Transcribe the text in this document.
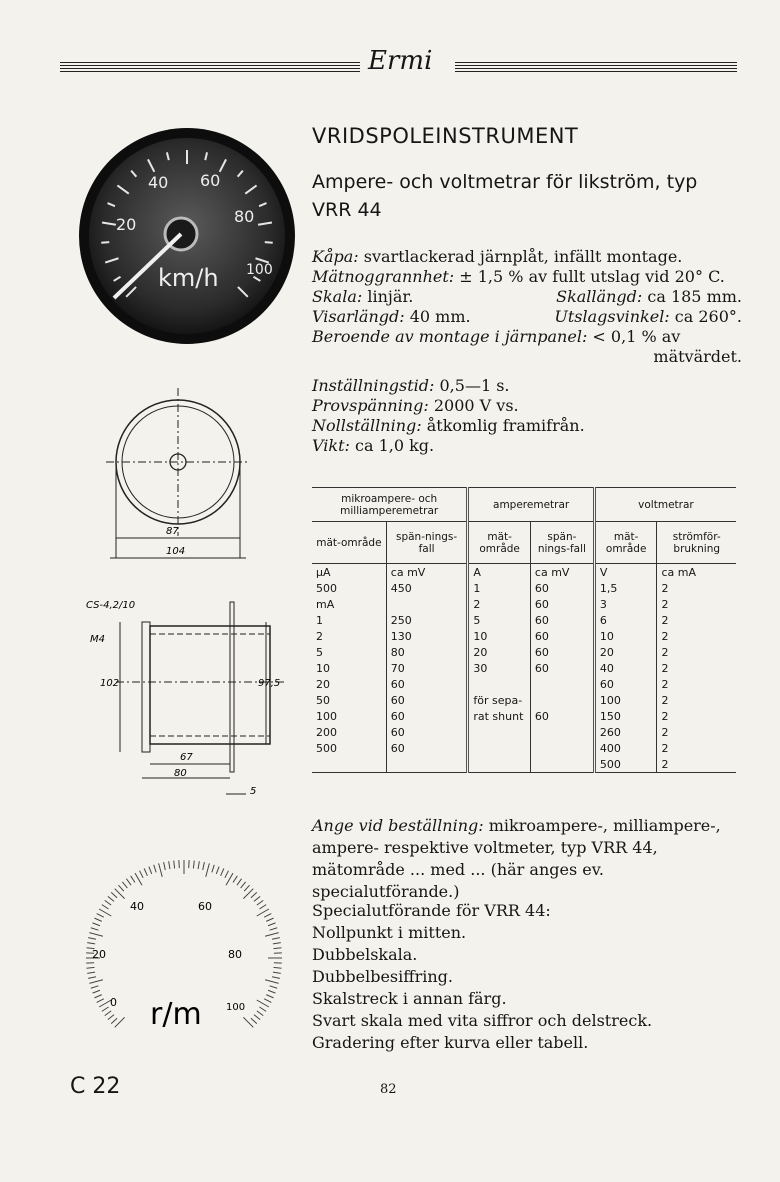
Ermi
40 60
20	80
100
km/h
87
104
CS-4,2/10
M4
102	97,5
67
80
5
0
20
40	60
80
100
r/m
VRIDSPOLEINSTRUMENT
Ampere- och voltmetrar för likström, typ VRR 44
Kåpa: svartlackerad järnplåt, infällt montage.
Mätnoggrannhet: ± 1,5 % av fullt utslag vid 20° C.
Skala: linjär.	Skallängd: ca 185 mm.
Visarlängd: 40 mm.	Utslagsvinkel: ca 260°.
Beroende av montage i järnpanel: < 0,1 % av
mätvärdet.
Inställningstid: 0,5—1 s.
Provspänning: 2000 V vs.
Nollställning: åtkomlig framifrån.
Vikt: ca 1,0 kg.
mikroampere- och milliamperemetrar		amperemetrar		voltmetrar	
mät-område	spän-nings-fall	mät-område	spän-nings-fall	mät-område	strömför-brukning
µA	ca mV	A	ca mV	V	ca mA
500	450	1	60	1,5	2
mA		2	60	3	2
1	250	5	60	6	2
2	130	10	60	10	2
5	80	20	60	20	2
10	70	30	60	40	2
20	60			60	2
50	60	för sepa-		100	2
100	60	rat shunt	60	150	2
200	60			260	2
500	60			400	2
				500	2
Ange vid beställning: mikroampere-, milliampere-, ampere- respektive voltmeter, typ VRR 44, mätområde ... med ... (här anges ev. specialutförande.)
Specialutförande för VRR 44:
Nollpunkt i mitten.
Dubbelskala.
Dubbelbesiffring.
Skalstreck i annan färg.
Svart skala med vita siffror och delstreck.
Gradering efter kurva eller tabell.
C 22	82
